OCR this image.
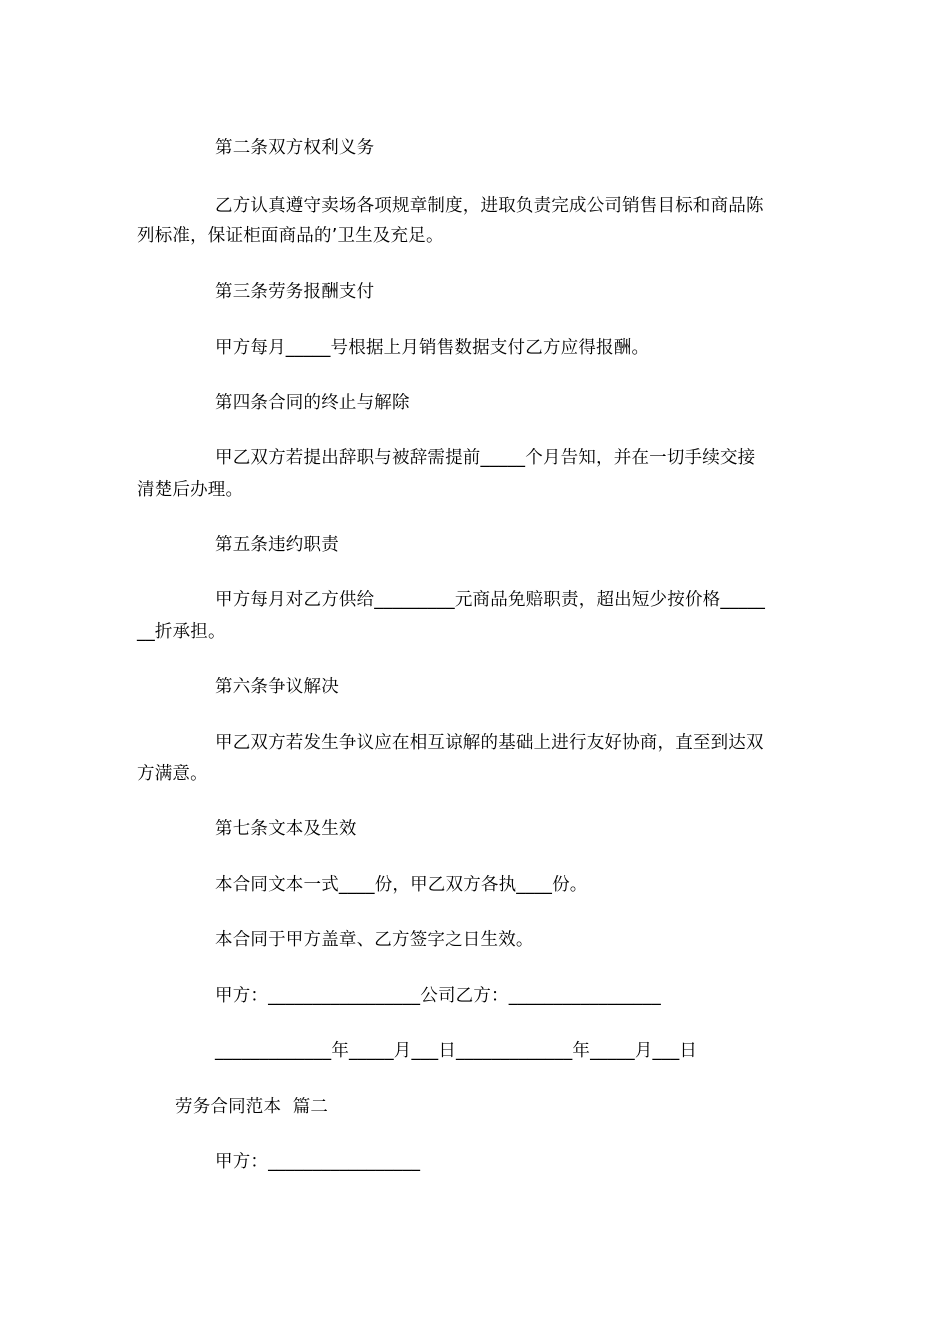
第二条双方权利义务
乙方认真遵守卖场各项规章制度，进取负责完成公司销售目标和商品陈
列标准，保证柜面商品的’卫生及充足。
第三条劳务报酬支付
甲方每月_____号根据上月销售数据支付乙方应得报酬。
第四条合同的终止与解除
甲乙双方若提出辞职与被辞需提前_____个月告知，并在一切手续交接
清楚后办理。
第五条违约职责
甲方每月对乙方供给_________元商品免赔职责，超出短少按价格_____
__折承担。
第六条争议解决
甲乙双方若发生争议应在相互谅解的基础上进行友好协商，直至到达双
方满意。
第七条文本及生效
本合同文本一式____份，甲乙双方各执____份。
本合同于甲方盖章、乙方签字之日生效。
甲方：_________________公司乙方：_________________
_____________年_____月___日_____________年_____月___日
劳务合同范本  篇二
甲方：_________________
